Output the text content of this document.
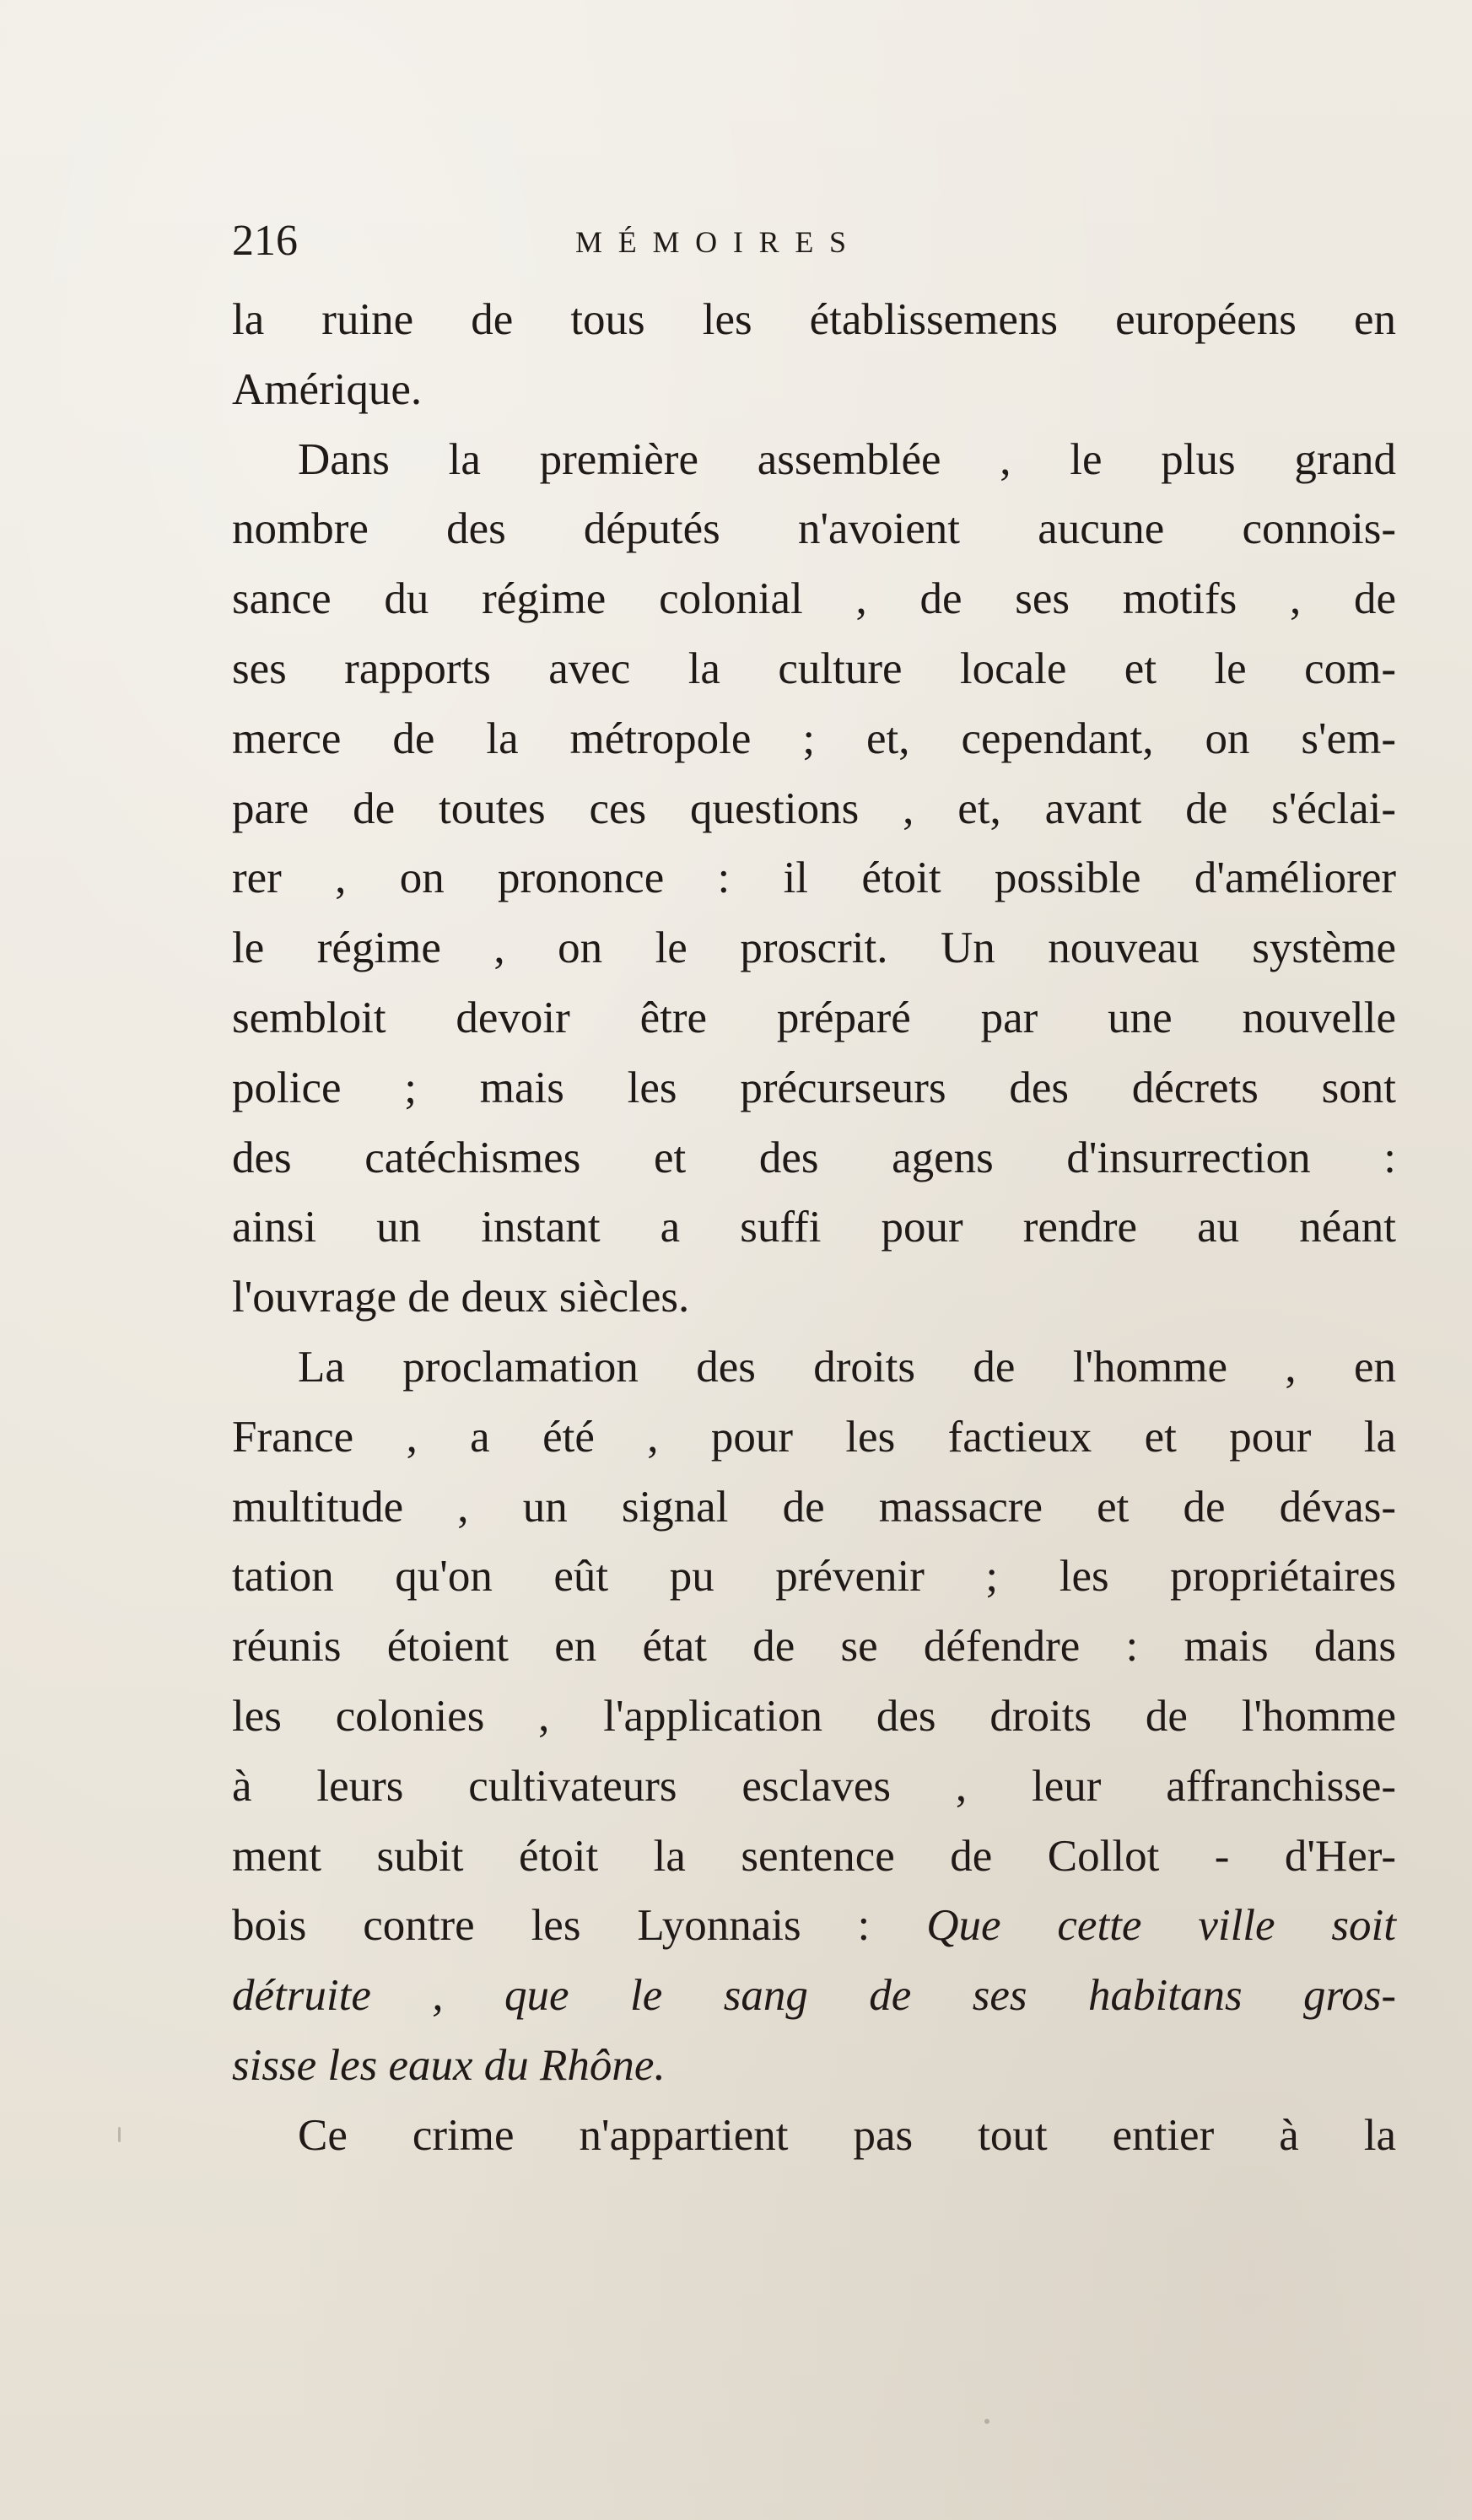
216	MÉMOIRES
la ruine de tous les établissemens européens en
Amérique.
Dans la première assemblée , le plus grand
nombre des députés n'avoient aucune connois-
sance du régime colonial , de ses motifs , de
ses rapports avec la culture locale et le com-
merce de la métropole ; et, cependant, on s'em-
pare de toutes ces questions , et, avant de s'éclai-
rer , on prononce : il étoit possible d'améliorer
le régime , on le proscrit. Un nouveau système
sembloit devoir être préparé par une nouvelle
police ; mais les précurseurs des décrets sont
des catéchismes et des agens d'insurrection :
ainsi un instant a suffi pour rendre au néant
l'ouvrage de deux siècles.
La proclamation des droits de l'homme , en
France , a été , pour les factieux et pour la
multitude , un signal de massacre et de dévas-
tation qu'on eût pu prévenir ; les propriétaires
réunis étoient en état de se défendre : mais dans
les colonies , l'application des droits de l'homme
à leurs cultivateurs esclaves , leur affranchisse-
ment subit étoit la sentence de Collot - d'Her-
bois contre les Lyonnais : Que cette ville soit
détruite , que le sang de ses habitans gros-
sisse les eaux du Rhône.
Ce crime n'appartient pas tout entier à la
